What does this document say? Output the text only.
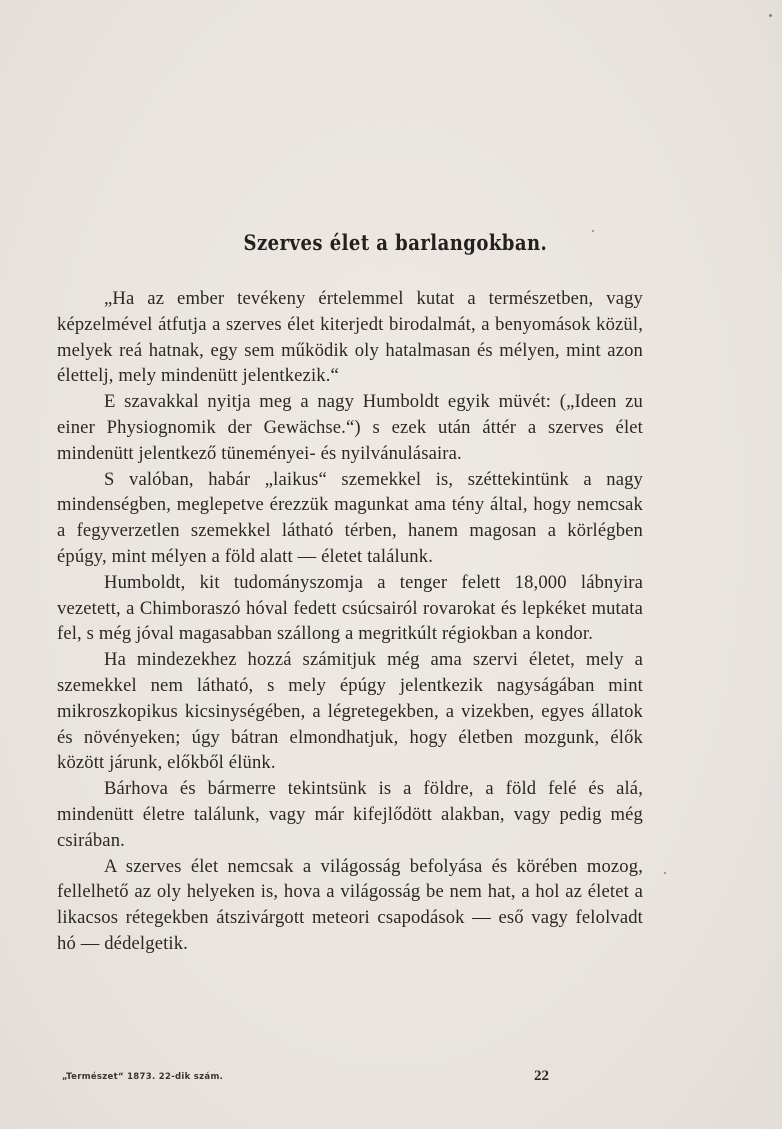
Szerves élet a barlangokban.

„Ha az ember tevékeny értelemmel kutat a természetben, vagy képzelmével átfutja a szerves élet kiterjedt birodalmát, a benyomások közül, melyek reá hatnak, egy sem működik oly hatalmasan és mélyen, mint azon élettelj, mely mindenütt jelentkezik.“

E szavakkal nyitja meg a nagy Humboldt egyik müvét: („Ideen zu einer Physiognomik der Gewächse.“) s ezek után áttér a szerves élet mindenütt jelentkező tüneményei- és nyilvánulásaira.

S valóban, habár „laikus“ szemekkel is, széttekintünk a nagy mindenségben, meglepetve érezzük magunkat ama tény által, hogy nemcsak a fegyverzetlen szemekkel látható térben, hanem magosan a körlégben épúgy, mint mélyen a föld alatt — életet találunk.

Humboldt, kit tudományszomja a tenger felett 18,000 lábnyira vezetett, a Chimboraszó hóval fedett csúcsairól rovarokat és lepkéket mutata fel, s még jóval magasabban szállong a megritkúlt régiokban a kondor.

Ha mindezekhez hozzá számitjuk még ama szervi életet, mely a szemekkel nem látható, s mely épúgy jelentkezik nagyságában mint mikroszkopikus kicsinységében, a légretegekben, a vizekben, egyes állatok és növényeken; úgy bátran elmondhatjuk, hogy életben mozgunk, élők között járunk, előkből élünk.

Bárhova és bármerre tekintsünk is a földre, a föld felé és alá, mindenütt életre találunk, vagy már kifejlődött alakban, vagy pedig még csirában.

A szerves élet nemcsak a világosság befolyása és körében mozog, fellelhető az oly helyeken is, hova a világosság be nem hat, a hol az életet a likacsos rétegekben átszivárgott meteori csapodások — eső vagy felolvadt hó — dédelgetik.

„Természet“ 1873. 22-dik szám.	22
